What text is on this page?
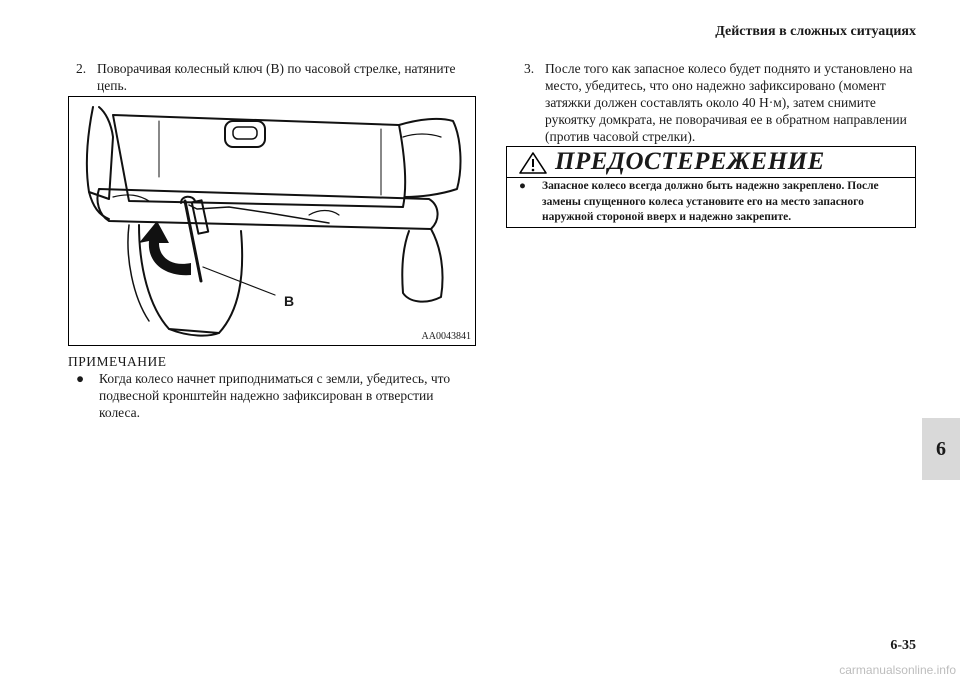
Действия в сложных ситуациях
6
2. Поворачивая колесный ключ (В) по часовой стрелке, натяните цепь.
B
AA0043841
ПРИМЕЧАНИЕ
● Когда колесо начнет приподниматься с земли, убедитесь, что подвесной кронштейн надежно зафиксирован в отверстии колеса.
3. После того как запасное колесо будет поднято и установлено на место, убедитесь, что оно надежно зафиксировано (момент затяжки должен составлять около 40 Н·м), затем снимите рукоятку домкрата, не поворачивая ее в обратном направлении (против часовой стрелки).
ПРЕДОСТЕРЕЖЕНИЕ
● Запасное колесо всегда должно быть надежно закреплено. После замены спущенного колеса установите его на место запасного наружной стороной вверх и надежно закрепите.
6-35
carmanualsonline.info
